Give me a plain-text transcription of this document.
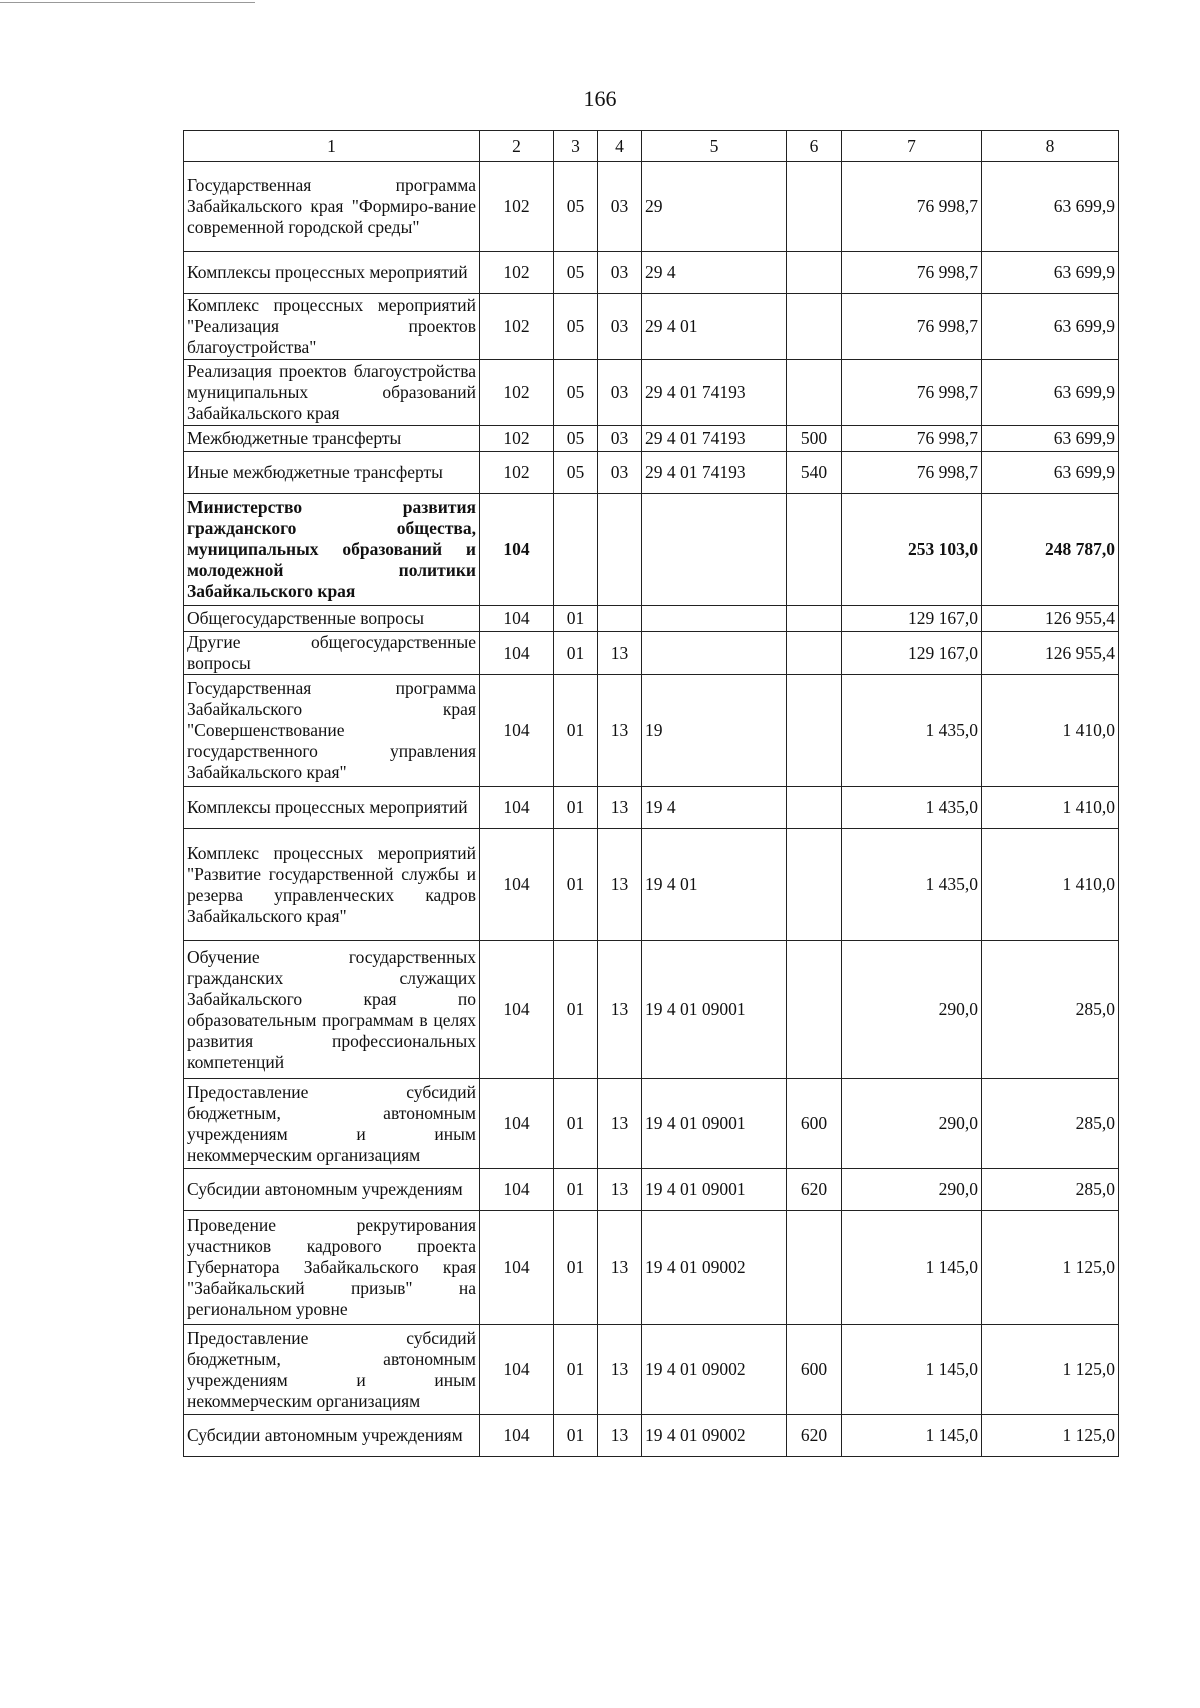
166
1	2	3	4	5	6	7	8
Государственная программа Забайкальского края "Формиро-вание современной городской среды"	102	05	03	29		76 998,7	63 699,9
Комплексы процессных мероприятий	102	05	03	29 4		76 998,7	63 699,9
Комплекс процессных мероприятий "Реализация проектов благоустройства"	102	05	03	29 4 01		76 998,7	63 699,9
Реализация проектов благоустройства муниципальных образований Забайкальского края	102	05	03	29 4 01 74193		76 998,7	63 699,9
Межбюджетные трансферты	102	05	03	29 4 01 74193	500	76 998,7	63 699,9
Иные межбюджетные трансферты	102	05	03	29 4 01 74193	540	76 998,7	63 699,9
Министерство развития гражданского общества, муниципальных образований и молодежной политики Забайкальского края	104					253 103,0	248 787,0
Общегосударственные вопросы	104	01				129 167,0	126 955,4
Другие общегосударственные вопросы	104	01	13			129 167,0	126 955,4
Государственная программа Забайкальского края "Совершенствование государственного управления Забайкальского края"	104	01	13	19		1 435,0	1 410,0
Комплексы процессных мероприятий	104	01	13	19 4		1 435,0	1 410,0
Комплекс процессных мероприятий "Развитие государственной службы и резерва управленческих кадров Забайкальского края"	104	01	13	19 4 01		1 435,0	1 410,0
Обучение государственных гражданских служащих Забайкальского края по образовательным программам в целях развития профессиональных компетенций	104	01	13	19 4 01 09001		290,0	285,0
Предоставление субсидий бюджетным, автономным учреждениям и иным некоммерческим организациям	104	01	13	19 4 01 09001	600	290,0	285,0
Субсидии автономным учреждениям	104	01	13	19 4 01 09001	620	290,0	285,0
Проведение рекрутирования участников кадрового проекта Губернатора Забайкальского края "Забайкальский призыв" на региональном уровне	104	01	13	19 4 01 09002		1 145,0	1 125,0
Предоставление субсидий бюджетным, автономным учреждениям и иным некоммерческим организациям	104	01	13	19 4 01 09002	600	1 145,0	1 125,0
Субсидии автономным учреждениям	104	01	13	19 4 01 09002	620	1 145,0	1 125,0
